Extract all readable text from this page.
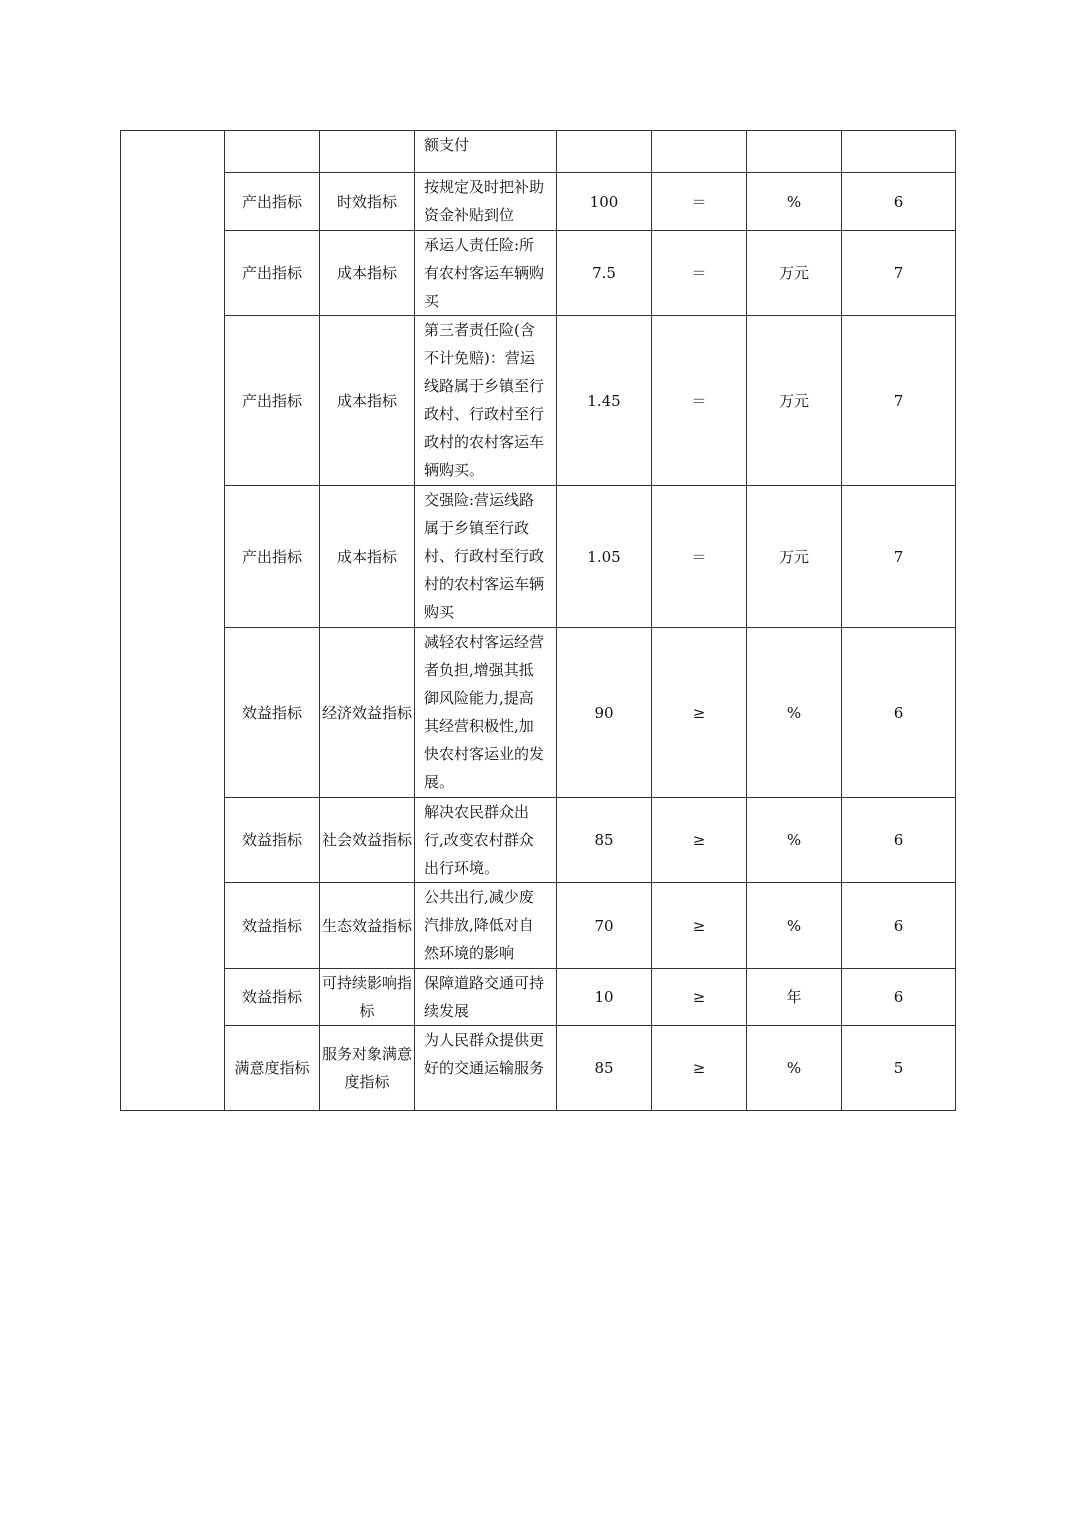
			额支付				
	产出指标	时效指标	按规定及时把补助资金补贴到位	100	＝	%	6
	产出指标	成本指标	承运人责任险:所有农村客运车辆购买	7.5	＝	万元	7
	产出指标	成本指标	第三者责任险(含不计免赔)：营运线路属于乡镇至行政村、行政村至行政村的农村客运车辆购买。	1.45	＝	万元	7
	产出指标	成本指标	交强险:营运线路属于乡镇至行政村、行政村至行政村的农村客运车辆购买	1.05	＝	万元	7
	效益指标	经济效益指标	减轻农村客运经营者负担,增强其抵御风险能力,提高其经营积极性,加快农村客运业的发展。	90	≥	%	6
	效益指标	社会效益指标	解决农民群众出行,改变农村群众出行环境。	85	≥	%	6
	效益指标	生态效益指标	公共出行,减少废汽排放,降低对自然环境的影响	70	≥	%	6
	效益指标	可持续影响指标	保障道路交通可持续发展	10	≥	年	6
	满意度指标	服务对象满意度指标	为人民群众提供更好的交通运输服务	85	≥	%	5
